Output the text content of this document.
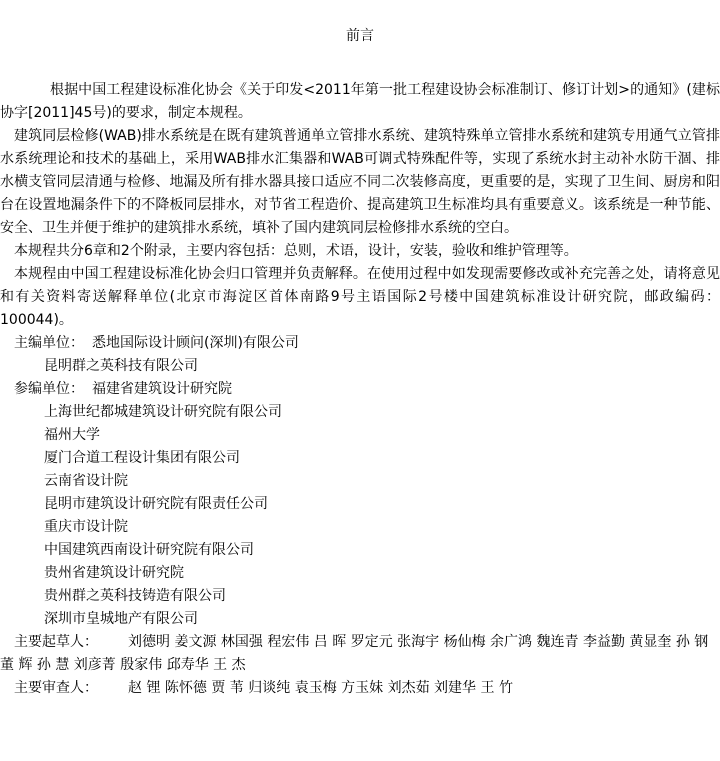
前言

根据中国工程建设标准化协会《关于印发<2011年第一批工程建设协会标准制订、修订计划>的通知》(建标协字[2011]45号)的要求，制定本规程。

建筑同层检修(WAB)排水系统是在既有建筑普通单立管排水系统、建筑特殊单立管排水系统和建筑专用通气立管排水系统理论和技术的基础上，采用WAB排水汇集器和WAB可调式特殊配件等，实现了系统水封主动补水防干涸、排水横支管同层清通与检修、地漏及所有排水器具接口适应不同二次装修高度，更重要的是，实现了卫生间、厨房和阳台在设置地漏条件下的不降板同层排水，对节省工程造价、提高建筑卫生标准均具有重要意义。该系统是一种节能、安全、卫生并便于维护的建筑排水系统，填补了国内建筑同层检修排水系统的空白。

本规程共分6章和2个附录，主要内容包括：总则，术语，设计，安装，验收和维护管理等。

本规程由中国工程建设标准化协会归口管理并负责解释。在使用过程中如发现需要修改或补充完善之处，请将意见和有关资料寄送解释单位(北京市海淀区首体南路9号主语国际2号楼中国建筑标准设计研究院，邮政编码：100044)。

主编单位： 悉地国际设计顾问(深圳)有限公司
昆明群之英科技有限公司
参编单位： 福建省建筑设计研究院
上海世纪都城建筑设计研究院有限公司
福州大学
厦门合道工程设计集团有限公司
云南省设计院
昆明市建筑设计研究院有限责任公司
重庆市设计院
中国建筑西南设计研究院有限公司
贵州省建筑设计研究院
贵州群之英科技铸造有限公司
深圳市皇城地产有限公司

主要起草人： 刘德明 姜文源 林国强 程宏伟 吕 晖 罗定元 张海宇 杨仙梅 余广鸿 魏连青 李益勤 黄显奎 孙 钢 董 辉 孙 慧 刘彦菁 殷家伟 邱寿华 王 杰

主要审查人： 赵 锂 陈怀德 贾 苇 归谈纯 袁玉梅 方玉妹 刘杰茹 刘建华 王 竹
